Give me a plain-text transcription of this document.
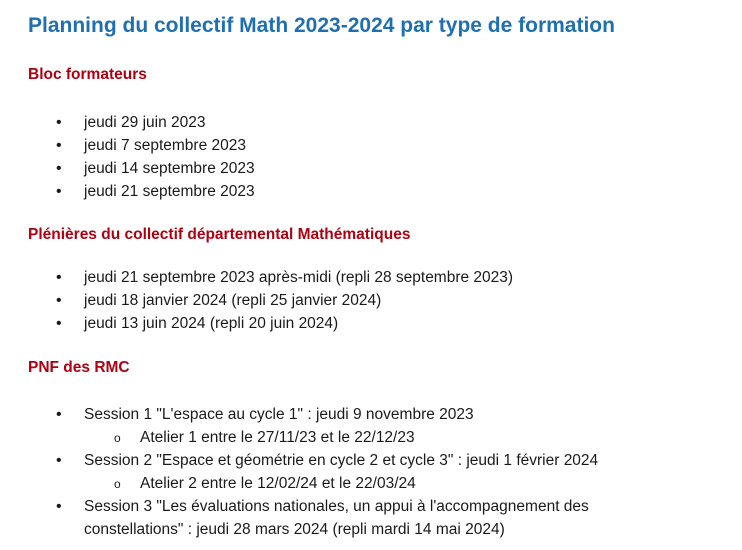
Planning du collectif Math 2023-2024 par type de formation
Bloc formateurs
• jeudi 29 juin 2023
• jeudi 7 septembre 2023
• jeudi 14 septembre 2023
• jeudi 21 septembre 2023
Plénières du collectif départemental Mathématiques
• jeudi 21 septembre 2023 après-midi (repli 28 septembre 2023)
• jeudi 18 janvier 2024 (repli 25 janvier 2024)
• jeudi 13 juin 2024 (repli 20 juin 2024)
PNF des RMC
• Session 1 "L'espace au cycle 1" : jeudi 9 novembre 2023
o Atelier 1 entre le 27/11/23 et le 22/12/23
• Session 2 "Espace et géométrie en cycle 2 et cycle 3" : jeudi 1 février 2024
o Atelier 2 entre le 12/02/24 et le 22/03/24
• Session 3 "Les évaluations nationales, un appui à l'accompagnement des
constellations" : jeudi 28 mars 2024 (repli mardi 14 mai 2024)
